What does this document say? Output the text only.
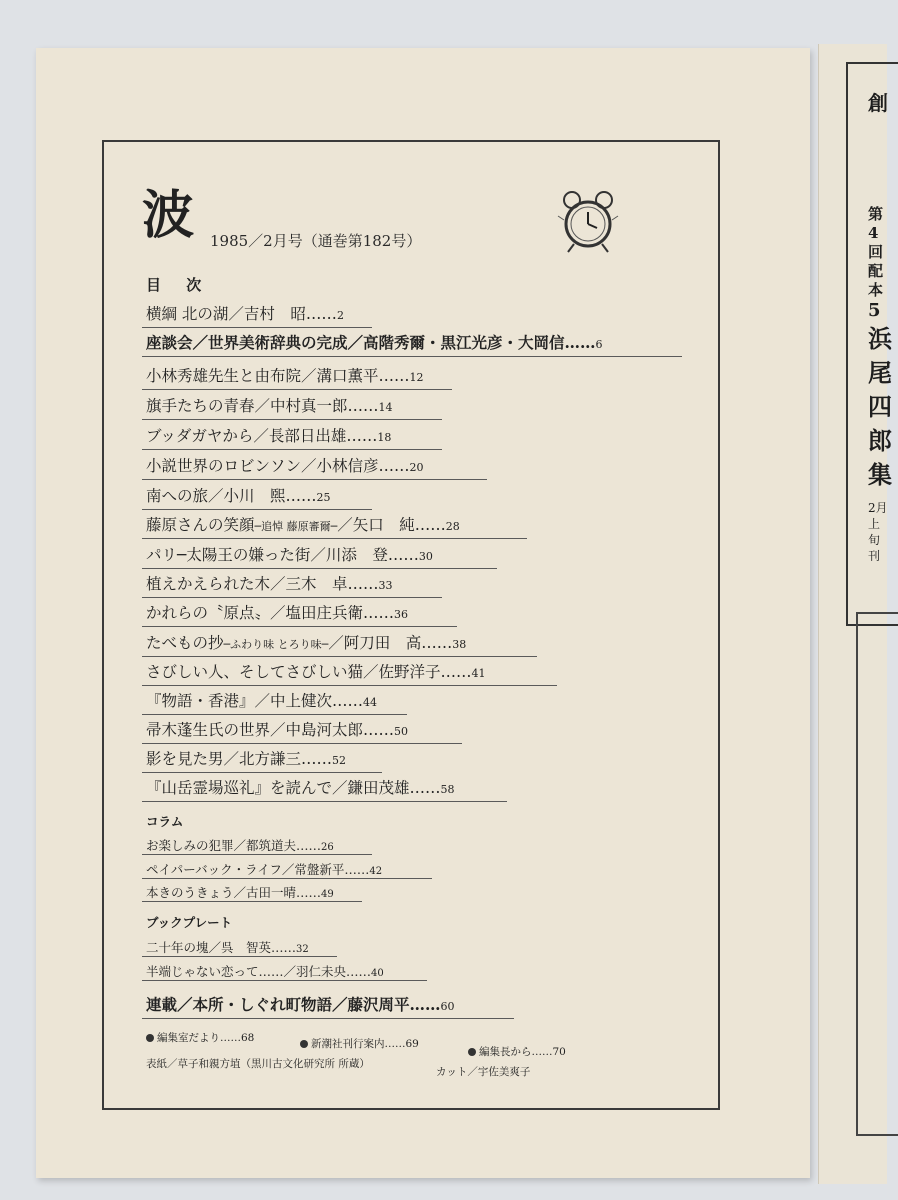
創
第4回配本
5
浜尾四郎集
2月上旬刊
波 1985／2月号（通巻第182号）
目 次
横綱 北の湖／吉村　昭……2
座談会／世界美術辞典の完成／高階秀爾・黒江光彦・大岡信……6
小林秀雄先生と由布院／溝口薫平……12
旗手たちの青春／中村真一郎……14
ブッダガヤから／長部日出雄……18
小説世界のロビンソン／小林信彦……20
南への旅／小川　煕……25
藤原さんの笑顔─追悼 藤原審爾─／矢口　純……28
パリ─太陽王の嫌った街／川添　登……30
植えかえられた木／三木　卓……33
かれらの〝原点〟／塩田庄兵衛……36
たべもの抄─ふわり味 とろり味─／阿刀田　高……38
さびしい人、そしてさびしい猫／佐野洋子……41
『物語・香港』／中上健次……44
帚木蓬生氏の世界／中島河太郎……50
影を見た男／北方謙三……52
『山岳霊場巡礼』を読んで／鎌田茂雄……58
コラム
お楽しみの犯罪／都筑道夫……26
ペイパーバック・ライフ／常盤新平……42
本きのうきょう／古田一晴……49
ブックプレート
二十年の塊／呉　智英……32
半端じゃない恋って……／羽仁未央……40
連載／本所・しぐれ町物語／藤沢周平……60
編集室だより……68	新潮社刊行案内……69
編集長から……70
表紙／草子和親方埴（黒川古文化研究所 所蔵）
カット／宇佐美爽子
